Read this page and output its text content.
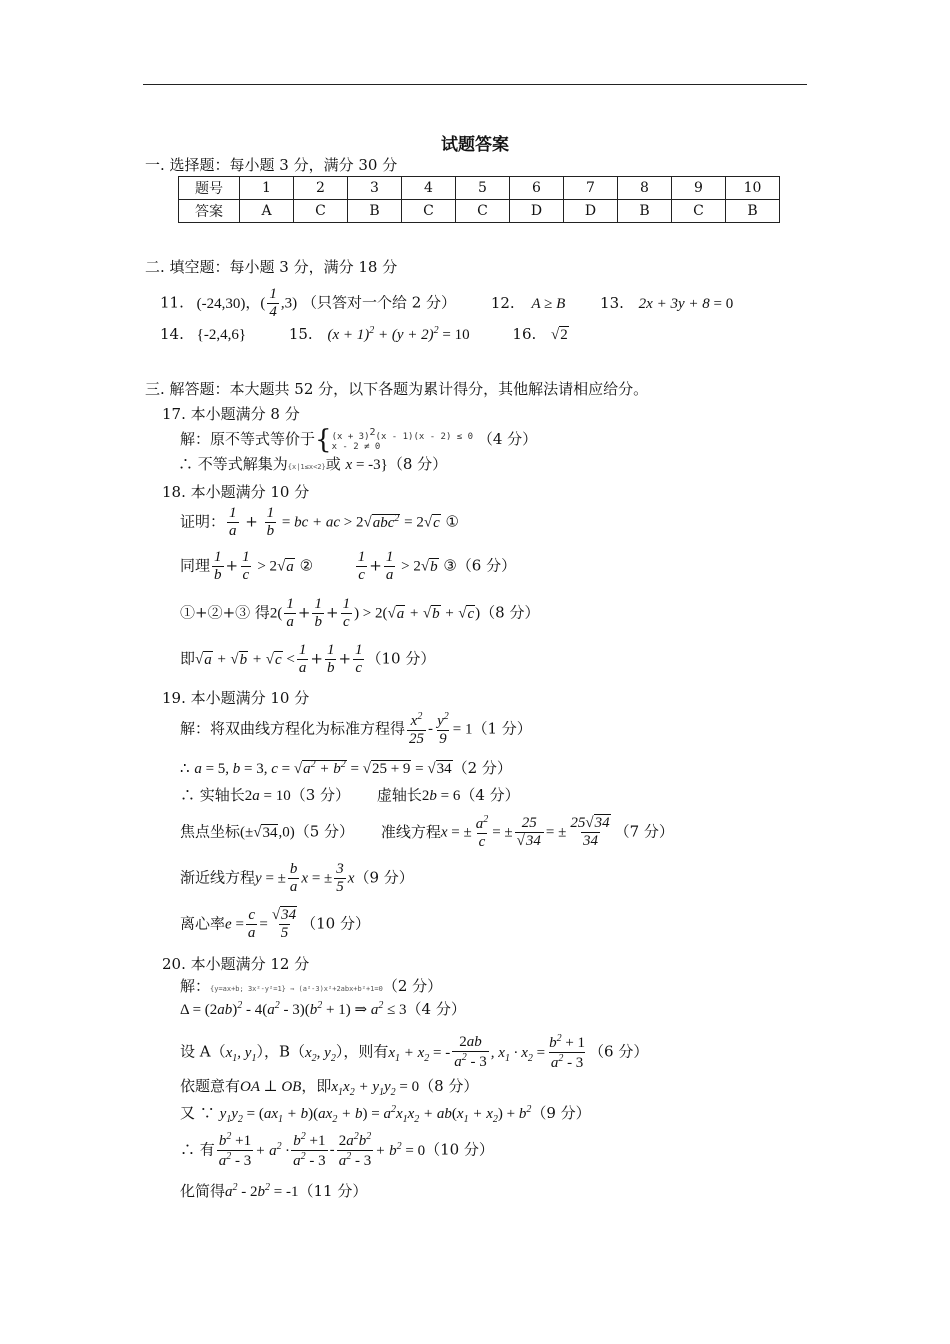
试题答案
一. 选择题：每小题 3 分，满分 30 分
题号	1	2	3	4	5	6	7	8	9	10
答案	A	C	B	C	C	D	D	B	C	B
二. 填空题：每小题 3 分，满分 18 分
11. (-24,30)，( $\frac{1}{4} ,3$) （只答对一个给 2 分） 12. A ≥ B 13. 2x + 3y + 8 = 0
14. {-2,4,6}	15. $(x + 1)^2 + (y + 2)^2 = 10$	16. √2
三. 解答题：本大题共 52 分，以下各题为累计得分，其他解法请相应给分。
17. 本小题满分 8 分
解：原不等式等价于{ $(x + 3)^2(x - 1)(x - 2) \le 0$
x - 2 ≠ 0	（4 分）
∴ 不等式解集为{x|1≤x<2}或 x = -3}（8 分）
18. 本小题满分 10 分
证明： $\frac{1}{a} + \frac{1}{b}$ = bc + ac > 2√abc$^2$ = 2√c ①
同理 $\frac{1}{b} + \frac{1}{c} > 2√a$ ②	$\frac{1}{c} + \frac{1}{a} > 2√b$ ③（6 分）
①+②+③ 得$2( \frac{1}{a} + \frac{1}{b} + \frac{1}{c}$ ) > 2(√a + √b + √c)（8 分）
即$√a + √b + √c < \frac{1}{a} + \frac{1}{b} + \frac{1}{c} (10$ 分）
19. 本小题满分 10 分
解：将双曲线方程化为标准方程得 $\frac{x^2}{25} - \frac{y^2}{9} = 1(1$ 分）
∴ a = 5, b = 3, $c = √a^2 + b^2 = √25 + 9 = √34(2$ 分）
∴ 实轴长2a = 10（3 分） 虚轴长2b = 6（4 分）
焦点坐标(±√34,0)（5 分） 准线方程x = ± $\frac{a^2}{c}$ = ± $\frac{25}{√34}$ = ± $\frac{25√34}{34} (7$ 分）
渐近线方程y = ± $\frac{b}{a}$ x = ± $\frac{3}{5} x(9$ 分）
离心率$e = \frac{c}{a} = \frac{√34}{5} (10$ 分）
20. 本小题满分 12 分
解：{y=ax+b; 3x²-y²=1} ⇒ (a²-3)x²+2abx+b²+1=0（2 分）
$\Delta = (2ab)^2 - 4(a^2 - 3)(b^2 + 1)$ ⇒ $a^2 \le 3(4$ 分）
设 $A(x_1$, $y_1$），$B(x_2$, $y_2$），则有$x_1 + x_2$ = - $\frac{2ab}{a^2 - 3}$ , $x_1 \cdot x_2 = \frac{b^2 + 1}{a^2 - 3} (6$ 分）
依题意有OA ⊥ OB，即$x_1x_2 + y_1y_2 = 0(8$ 分）
又 ∵ $y_1y_2 = (ax_1 + b)(ax_2 + b) = a^2x_1x_2 + ab(x_1 + x_2) + b^2(9$ 分）
∴ 有 $\frac{b^2 +1}{a^2 - 3} + a^2 \cdot \frac{b^2 +1}{a^2 - 3} - \frac{2a^2b^2}{a^2 - 3} + b^2 = 0(10$ 分）
化简得$a^2 - 2b^2 = -1(11$ 分）
